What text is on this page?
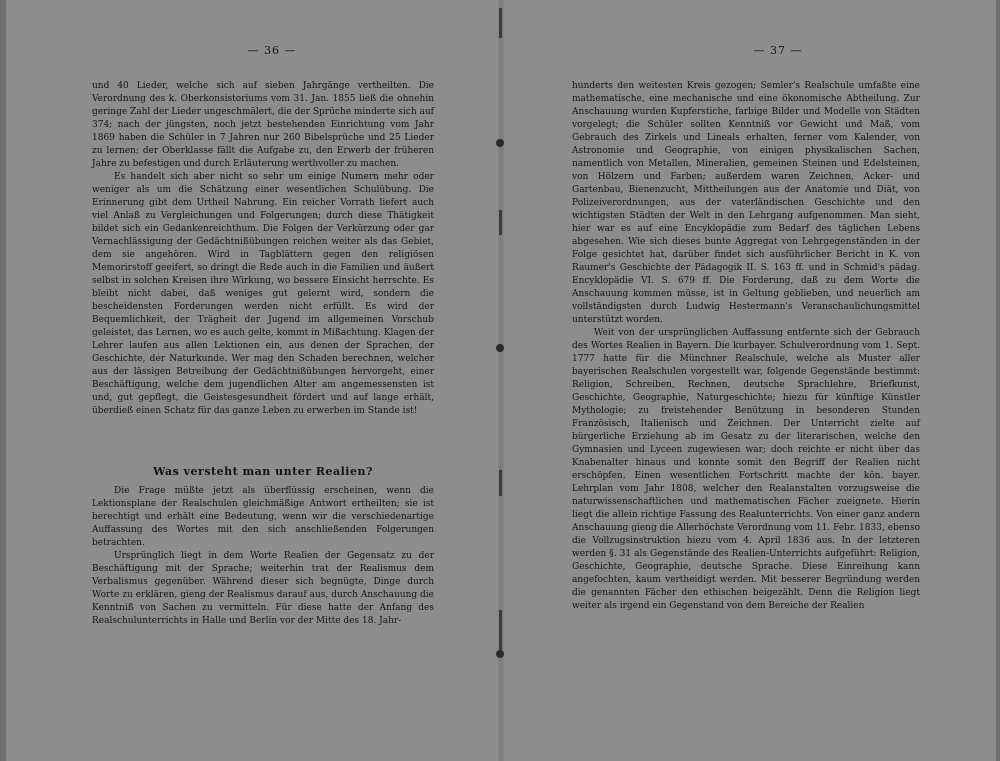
— 36 —

und 40 Lieder, welche sich auf sieben Jahrgänge vertheilten. Die Verordnung des k. Oberkonsistoriums vom 31. Jan. 1855 ließ die ohnehin geringe Zahl der Lieder ungeschmälert, die der Sprüche minderte sich auf 374; nach der jüngsten, noch jetzt bestehenden Einrichtung vom Jahr 1869 haben die Schüler in 7 Jahren nur 260 Bibelsprüche und 25 Lieder zu lernen; der Oberklasse fällt die Aufgabe zu, den Erwerb der früheren Jahre zu befestigen und durch Erläuterung werthvoller zu machen.

Es handelt sich aber nicht so sehr um einige Numern mehr oder weniger als um die Schätzung einer wesentlichen Schulübung. Die Erinnerung gibt dem Urtheil Nahrung. Ein reicher Vorrath liefert auch viel Anlaß zu Vergleichungen und Folgerungen; durch diese Thätigkeit bildet sich ein Gedankenreichthum. Die Folgen der Verkürzung oder gar Vernachlässigung der Gedächtnißübungen reichen weiter als das Gebiet, dem sie angehören. Wird in Tagblättern gegen den religiösen Memorirstoff geeifert, so dringt die Rede auch in die Familien und äußert selbst in solchen Kreisen ihre Wirkung, wo bessere Einsicht herrschte. Es bleibt nicht dabei, daß weniges gut gelernt wird, sondern die bescheidensten Forderungen werden nicht erfüllt. Es wird der Bequemlichkeit, der Trägheit der Jugend im allgemeinen Vorschub geleistet, das Lernen, wo es auch gelte, kommt in Mißachtung. Klagen der Lehrer laufen aus allen Lektionen ein, aus denen der Sprachen, der Geschichte, der Naturkunde. Wer mag den Schaden berechnen, welcher aus der lässigen Betreibung der Gedächtnißübungen hervorgeht, einer Beschäftigung, welche dem jugendlichen Alter am angemessensten ist und, gut gepflegt, die Geistesgesundheit fördert und auf lange erhält, überdieß einen Schatz für das ganze Leben zu erwerben im Stande ist!

Was versteht man unter Realien?

Die Frage müßte jetzt als überflüssig erscheinen, wenn die Lektionsplane der Realschulen gleichmäßige Antwort ertheilten; sie ist berechtigt und erhält eine Bedeutung, wenn wir die verschiedenartige Auffassung des Wortes mit den sich anschließenden Folgerungen betrachten.

Ursprünglich liegt in dem Worte Realien der Gegensatz zu der Beschäftigung mit der Sprache; weiterhin trat der Realismus dem Verbalismus gegenüber. Während dieser sich begnügte, Dinge durch Worte zu erklären, gieng der Realismus darauf aus, durch Anschauung die Kenntniß von Sachen zu vermitteln. Für diese hatte der Anfang des Realschulunterrichts in Halle und Berlin vor der Mitte des 18. Jahr-

— 37 —

hunderts den weitesten Kreis gezogen; Semler's Realschule umfaßte eine mathematische, eine mechanische und eine ökonomische Abtheilung. Zur Anschauung wurden Kupferstiche, farbige Bilder und Modelle von Städten vorgelegt; die Schüler sollten Kenntniß vor Gewicht und Maß, vom Gebrauch des Zirkels und Lineals erhalten, ferner vom Kalender, von Astronomie und Geographie, von einigen physikalischen Sachen, namentlich von Metallen, Mineralien, gemeinen Steinen und Edelsteinen, von Hölzern und Farben; außerdem waren Zeichnen, Acker- und Gartenbau, Bienenzucht, Mittheilungen aus der Anatomie und Diät, von Polizeiverordnungen, aus der vaterländischen Geschichte und den wichtigsten Städten der Welt in den Lehrgang aufgenommen. Man sieht, hier war es auf eine Encyklopädie zum Bedarf des täglichen Lebens abgesehen. Wie sich dieses bunte Aggregat von Lehrgegenständen in der Folge gesichtet hat, darüber findet sich ausführlicher Bericht in K. von Raumer's Geschichte der Pädagogik II. S. 163 ff. und in Schmid's pädag. Encyklopädie VI. S. 679 ff. Die Forderung, daß zu dem Worte die Anschauung kommen müsse, ist in Geltung geblieben, und neuerlich am vollständigsten durch Ludwig Hestermann's Veranschaulichungsmittel unterstützt worden.

Weit von der ursprünglichen Auffassung entfernte sich der Gebrauch des Wortes Realien in Bayern. Die kurbayer. Schulverordnung vom 1. Sept. 1777 hatte für die Münchner Realschule, welche als Muster aller bayerischen Realschulen vorgestellt war, folgende Gegenstände bestimmt: Religion, Schreiben, Rechnen, deutsche Sprachlehre, Briefkunst, Geschichte, Geographie, Naturgeschichte; hiezu für künftige Künstler Mythologie; zu freistehender Benützung in besonderen Stunden Französisch, Italienisch und Zeichnen. Der Unterricht zielte auf bürgerliche Erziehung ab im Gesatz zu der literarischen, welche den Gymnasien und Lyceen zugewiesen war; doch reichte er nicht über das Knabenalter hinaus und konnte somit den Begriff der Realien nicht erschöpfen. Einen wesentlichen Fortschritt machte der kön. bayer. Lehrplan vom Jahr 1808, welcher den Realanstalten vorzugsweise die naturwissenschaftlichen und mathematischen Fächer zueignete. Hierin liegt die allein richtige Fassung des Realunterrichts. Von einer ganz andern Anschauung gieng die Allerhöchste Verordnung vom 11. Febr. 1833, ebenso die Vollzugsinstruktion hiezu vom 4. April 1836 aus. In der letzteren werden §. 31 als Gegenstände des Realien-Unterrichts aufgeführt: Religion, Geschichte, Geographie, deutsche Sprache. Diese Einreihung kann angefochten, kaum vertheidigt werden. Mit besserer Begründung werden die genannten Fächer den ethischen beigezählt. Denn die Religion liegt weiter als irgend ein Gegenstand von dem Bereiche der Realien
